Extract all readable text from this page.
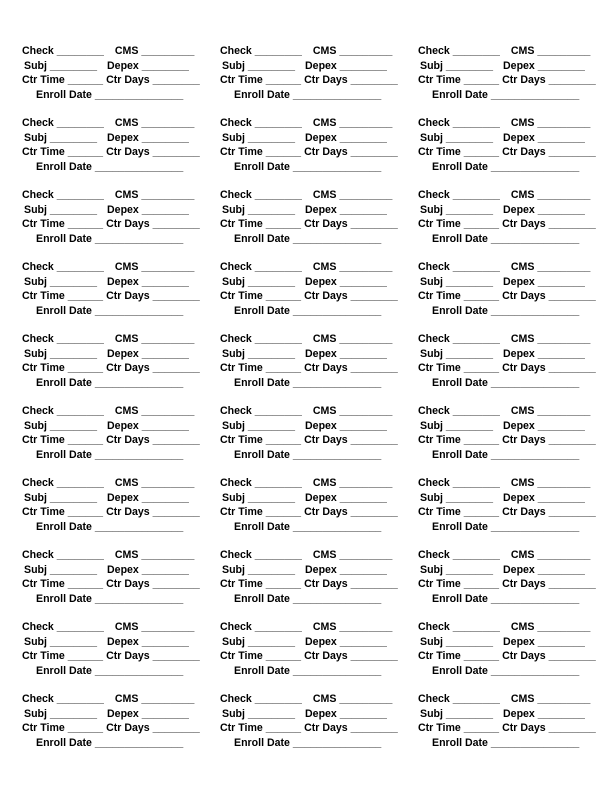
Check ________ CMS _________
Subj ________ Depex ________
Ctr Time ______ Ctr Days ________
Enroll Date _______________
Check ________ CMS _________
Subj ________ Depex ________
Ctr Time ______ Ctr Days ________
Enroll Date _______________
Check ________ CMS _________
Subj ________ Depex ________
Ctr Time ______ Ctr Days ________
Enroll Date _______________
Check ________ CMS _________
Subj ________ Depex ________
Ctr Time ______ Ctr Days ________
Enroll Date _______________
Check ________ CMS _________
Subj ________ Depex ________
Ctr Time ______ Ctr Days ________
Enroll Date _______________
Check ________ CMS _________
Subj ________ Depex ________
Ctr Time ______ Ctr Days ________
Enroll Date _______________
Check ________ CMS _________
Subj ________ Depex ________
Ctr Time ______ Ctr Days ________
Enroll Date _______________
Check ________ CMS _________
Subj ________ Depex ________
Ctr Time ______ Ctr Days ________
Enroll Date _______________
Check ________ CMS _________
Subj ________ Depex ________
Ctr Time ______ Ctr Days ________
Enroll Date _______________
Check ________ CMS _________
Subj ________ Depex ________
Ctr Time ______ Ctr Days ________
Enroll Date _______________
Check ________ CMS _________
Subj ________ Depex ________
Ctr Time ______ Ctr Days ________
Enroll Date _______________
Check ________ CMS _________
Subj ________ Depex ________
Ctr Time ______ Ctr Days ________
Enroll Date _______________
Check ________ CMS _________
Subj ________ Depex ________
Ctr Time ______ Ctr Days ________
Enroll Date _______________
Check ________ CMS _________
Subj ________ Depex ________
Ctr Time ______ Ctr Days ________
Enroll Date _______________
Check ________ CMS _________
Subj ________ Depex ________
Ctr Time ______ Ctr Days ________
Enroll Date _______________
Check ________ CMS _________
Subj ________ Depex ________
Ctr Time ______ Ctr Days ________
Enroll Date _______________
Check ________ CMS _________
Subj ________ Depex ________
Ctr Time ______ Ctr Days ________
Enroll Date _______________
Check ________ CMS _________
Subj ________ Depex ________
Ctr Time ______ Ctr Days ________
Enroll Date _______________
Check ________ CMS _________
Subj ________ Depex ________
Ctr Time ______ Ctr Days ________
Enroll Date _______________
Check ________ CMS _________
Subj ________ Depex ________
Ctr Time ______ Ctr Days ________
Enroll Date _______________
Check ________ CMS _________
Subj ________ Depex ________
Ctr Time ______ Ctr Days ________
Enroll Date _______________
Check ________ CMS _________
Subj ________ Depex ________
Ctr Time ______ Ctr Days ________
Enroll Date _______________
Check ________ CMS _________
Subj ________ Depex ________
Ctr Time ______ Ctr Days ________
Enroll Date _______________
Check ________ CMS _________
Subj ________ Depex ________
Ctr Time ______ Ctr Days ________
Enroll Date _______________
Check ________ CMS _________
Subj ________ Depex ________
Ctr Time ______ Ctr Days ________
Enroll Date _______________
Check ________ CMS _________
Subj ________ Depex ________
Ctr Time ______ Ctr Days ________
Enroll Date _______________
Check ________ CMS _________
Subj ________ Depex ________
Ctr Time ______ Ctr Days ________
Enroll Date _______________
Check ________ CMS _________
Subj ________ Depex ________
Ctr Time ______ Ctr Days ________
Enroll Date _______________
Check ________ CMS _________
Subj ________ Depex ________
Ctr Time ______ Ctr Days ________
Enroll Date _______________
Check ________ CMS _________
Subj ________ Depex ________
Ctr Time ______ Ctr Days ________
Enroll Date _______________
